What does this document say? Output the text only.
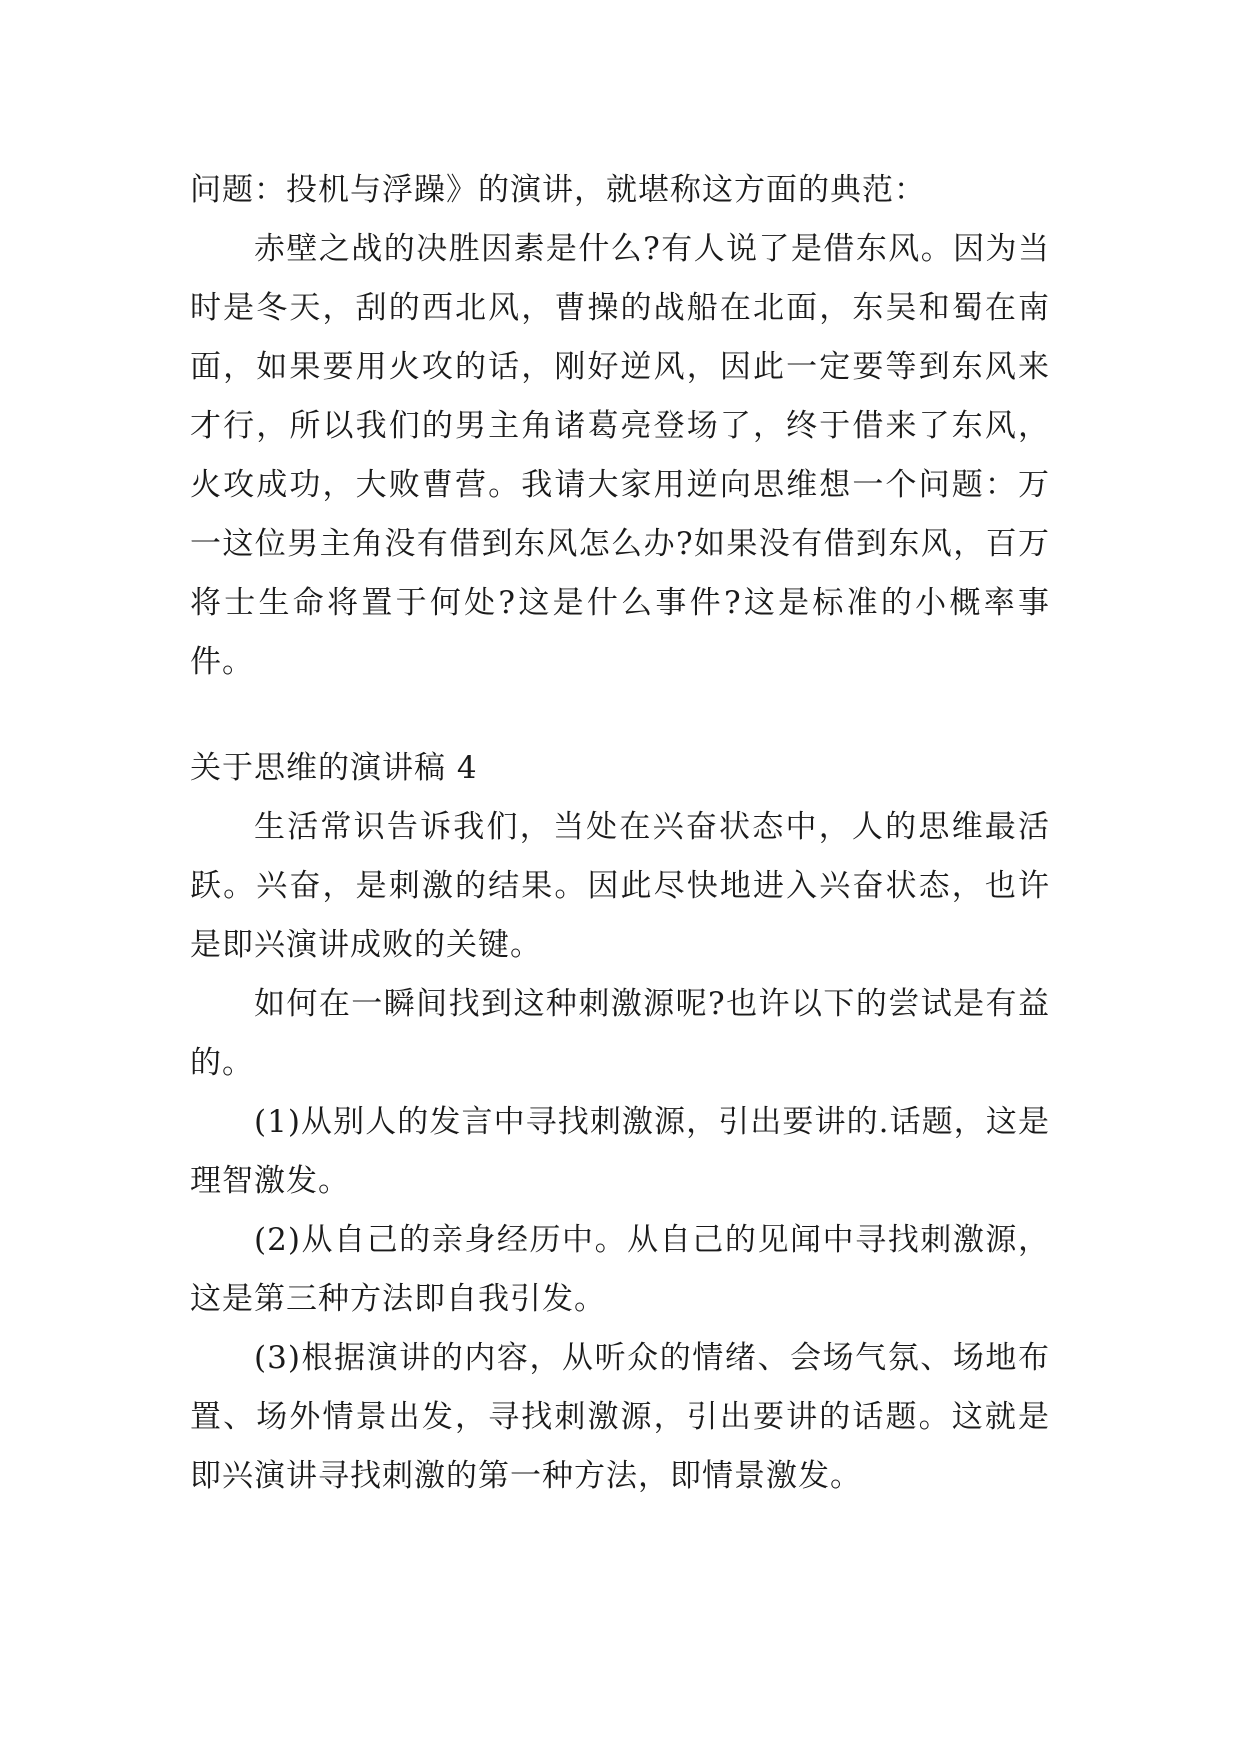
问题：投机与浮躁》的演讲，就堪称这方面的典范：

赤壁之战的决胜因素是什么?有人说了是借东风。因为当时是冬天，刮的西北风，曹操的战船在北面，东吴和蜀在南面，如果要用火攻的话，刚好逆风，因此一定要等到东风来才行，所以我们的男主角诸葛亮登场了，终于借来了东风，火攻成功，大败曹营。我请大家用逆向思维想一个问题：万一这位男主角没有借到东风怎么办?如果没有借到东风，百万将士生命将置于何处?这是什么事件?这是标准的小概率事件。

关于思维的演讲稿 4

生活常识告诉我们，当处在兴奋状态中，人的思维最活跃。兴奋，是刺激的结果。因此尽快地进入兴奋状态，也许是即兴演讲成败的关键。

如何在一瞬间找到这种刺激源呢?也许以下的尝试是有益的。

(1)从别人的发言中寻找刺激源，引出要讲的.话题，这是理智激发。

(2)从自己的亲身经历中。从自己的见闻中寻找刺激源，这是第三种方法即自我引发。

(3)根据演讲的内容，从听众的情绪、会场气氛、场地布置、场外情景出发，寻找刺激源，引出要讲的话题。这就是即兴演讲寻找刺激的第一种方法，即情景激发。
